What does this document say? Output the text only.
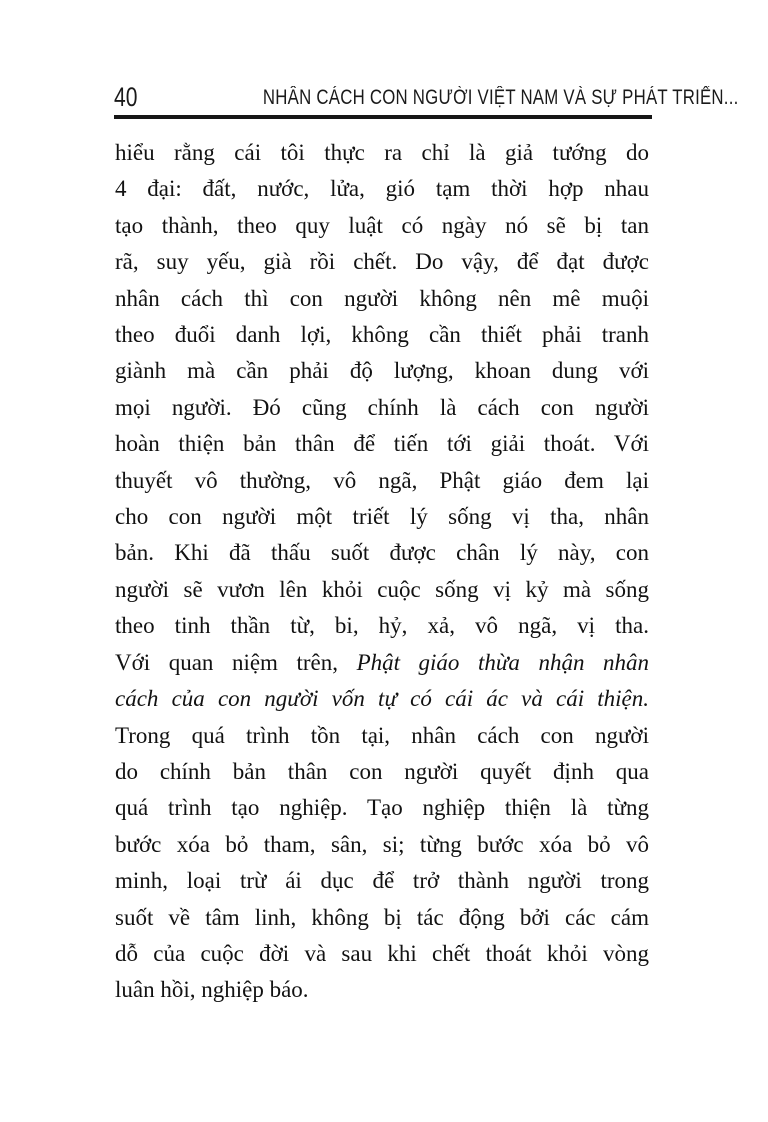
40	NHÂN CÁCH CON NGƯỜI VIỆT NAM VÀ SỰ PHÁT TRIỂN...
hiểu rằng cái tôi thực ra chỉ là giả tướng do
4 đại: đất, nước, lửa, gió tạm thời hợp nhau
tạo thành, theo quy luật có ngày nó sẽ bị tan
rã, suy yếu, già rồi chết. Do vậy, để đạt được
nhân cách thì con người không nên mê muội
theo đuổi danh lợi, không cần thiết phải tranh
giành mà cần phải độ lượng, khoan dung với
mọi người. Đó cũng chính là cách con người
hoàn thiện bản thân để tiến tới giải thoát. Với
thuyết vô thường, vô ngã, Phật giáo đem lại
cho con người một triết lý sống vị tha, nhân
bản. Khi đã thấu suốt được chân lý này, con
người sẽ vươn lên khỏi cuộc sống vị kỷ mà sống
theo tinh thần từ, bi, hỷ, xả, vô ngã, vị tha.
Với quan niệm trên, Phật giáo thừa nhận nhân
cách của con người vốn tự có cái ác và cái thiện.
Trong quá trình tồn tại, nhân cách con người
do chính bản thân con người quyết định qua
quá trình tạo nghiệp. Tạo nghiệp thiện là từng
bước xóa bỏ tham, sân, si; từng bước xóa bỏ vô
minh, loại trừ ái dục để trở thành người trong
suốt về tâm linh, không bị tác động bởi các cám
dỗ của cuộc đời và sau khi chết thoát khỏi vòng
luân hồi, nghiệp báo.
